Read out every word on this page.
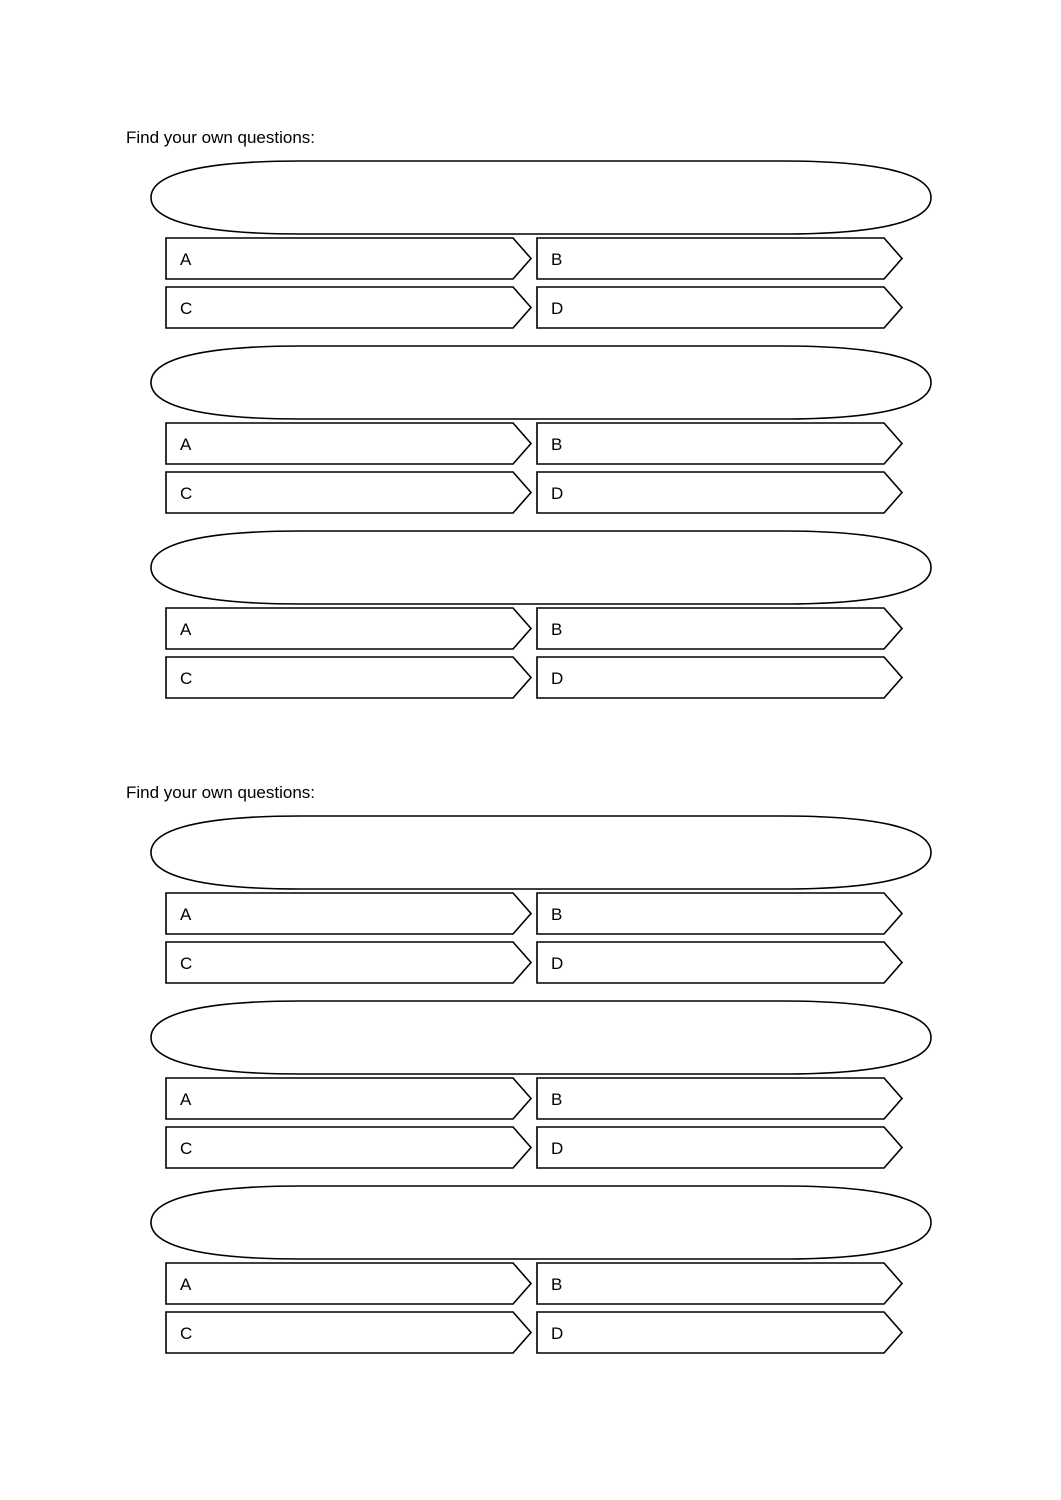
Find your own questions:
Find your own questions:
A	B
C	D
A	B
C	D
A	B
C	D
A	B
C	D
A	B
C	D
A	B
C	D
